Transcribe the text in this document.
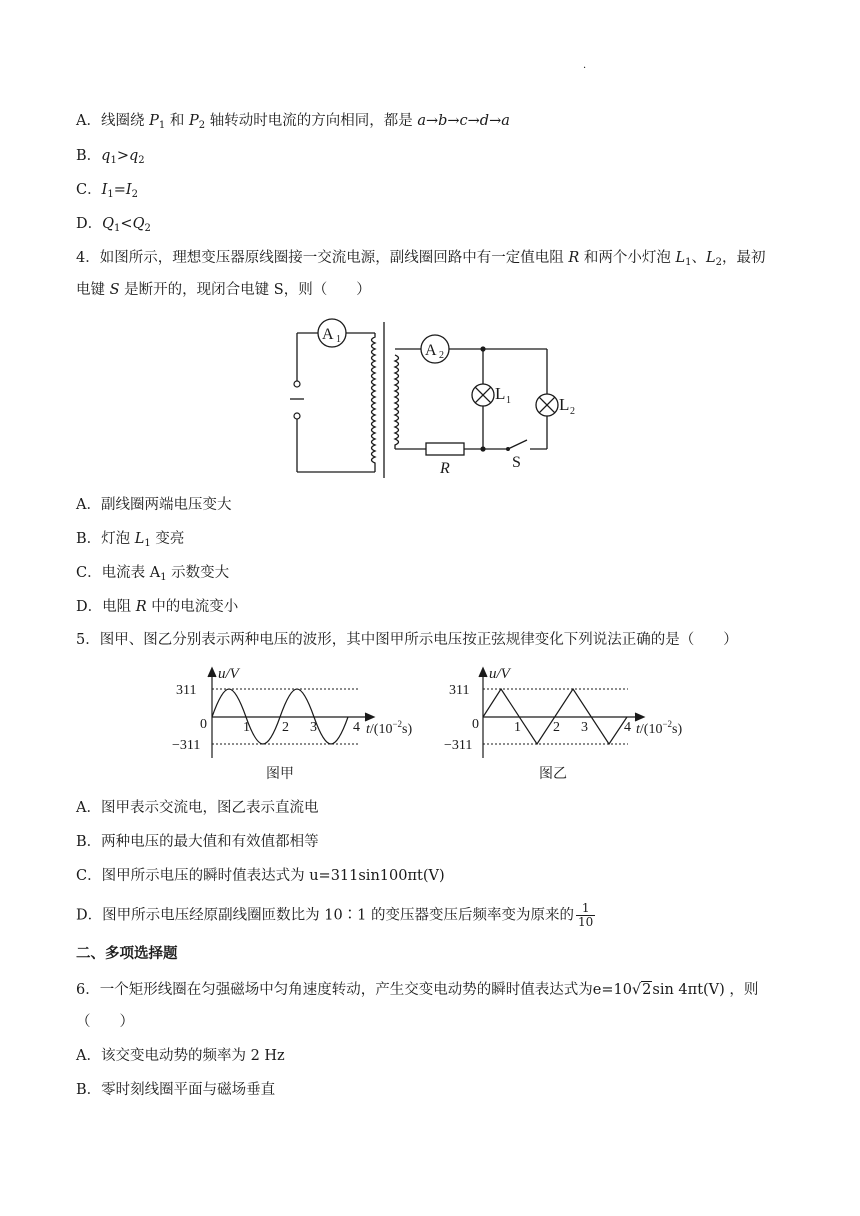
·
A．线圈绕 $P_1$ 和 $P_2$ 轴转动时电流的方向相同，都是 a→b→c→d→a
B．$q_1>q_2$
C．$I_1=I_2$
D．$Q_1<Q_2$
4．如图所示，理想变压器原线圈接一交流电源，副线圈回路中有一定值电阻 R 和两个小灯泡 $L_1$、$L_2$，最初
电键 S 是断开的，现闭合电键 S，则（　　）
A 1
A 2
L 1	L 2
R	S
A．副线圈两端电压变大
B．灯泡 $L_1$ 变亮
C．电流表 $A_1$ 示数变大
D．电阻 R 中的电流变小
5．图甲、图乙分别表示两种电压的波形，其中图甲所示电压按正弦规律变化下列说法正确的是（　　）
u/V
311
−311
0	1 2 3	4 $t/(10^{-2}s)$
图甲
u/V
311
−311
0	1 2 3	4 $t/(10^{-2}s)$
图乙
A．图甲表示交流电，图乙表示直流电
B．两种电压的最大值和有效值都相等
C．图甲所示电压的瞬时值表达式为 u=311sin100πt(V)
D．图甲所示电压经原副线圈匝数比为 10∶1 的变压器变压后频率变为原来的 $\frac{1}{10}$
二、多项选择题
6．一个矩形线圈在匀强磁场中匀角速度转动，产生交变电动势的瞬时值表达式为e=10√2sin 4πt(V) ，则
（　　）
A．该交变电动势的频率为 2 Hz
B．零时刻线圈平面与磁场垂直
